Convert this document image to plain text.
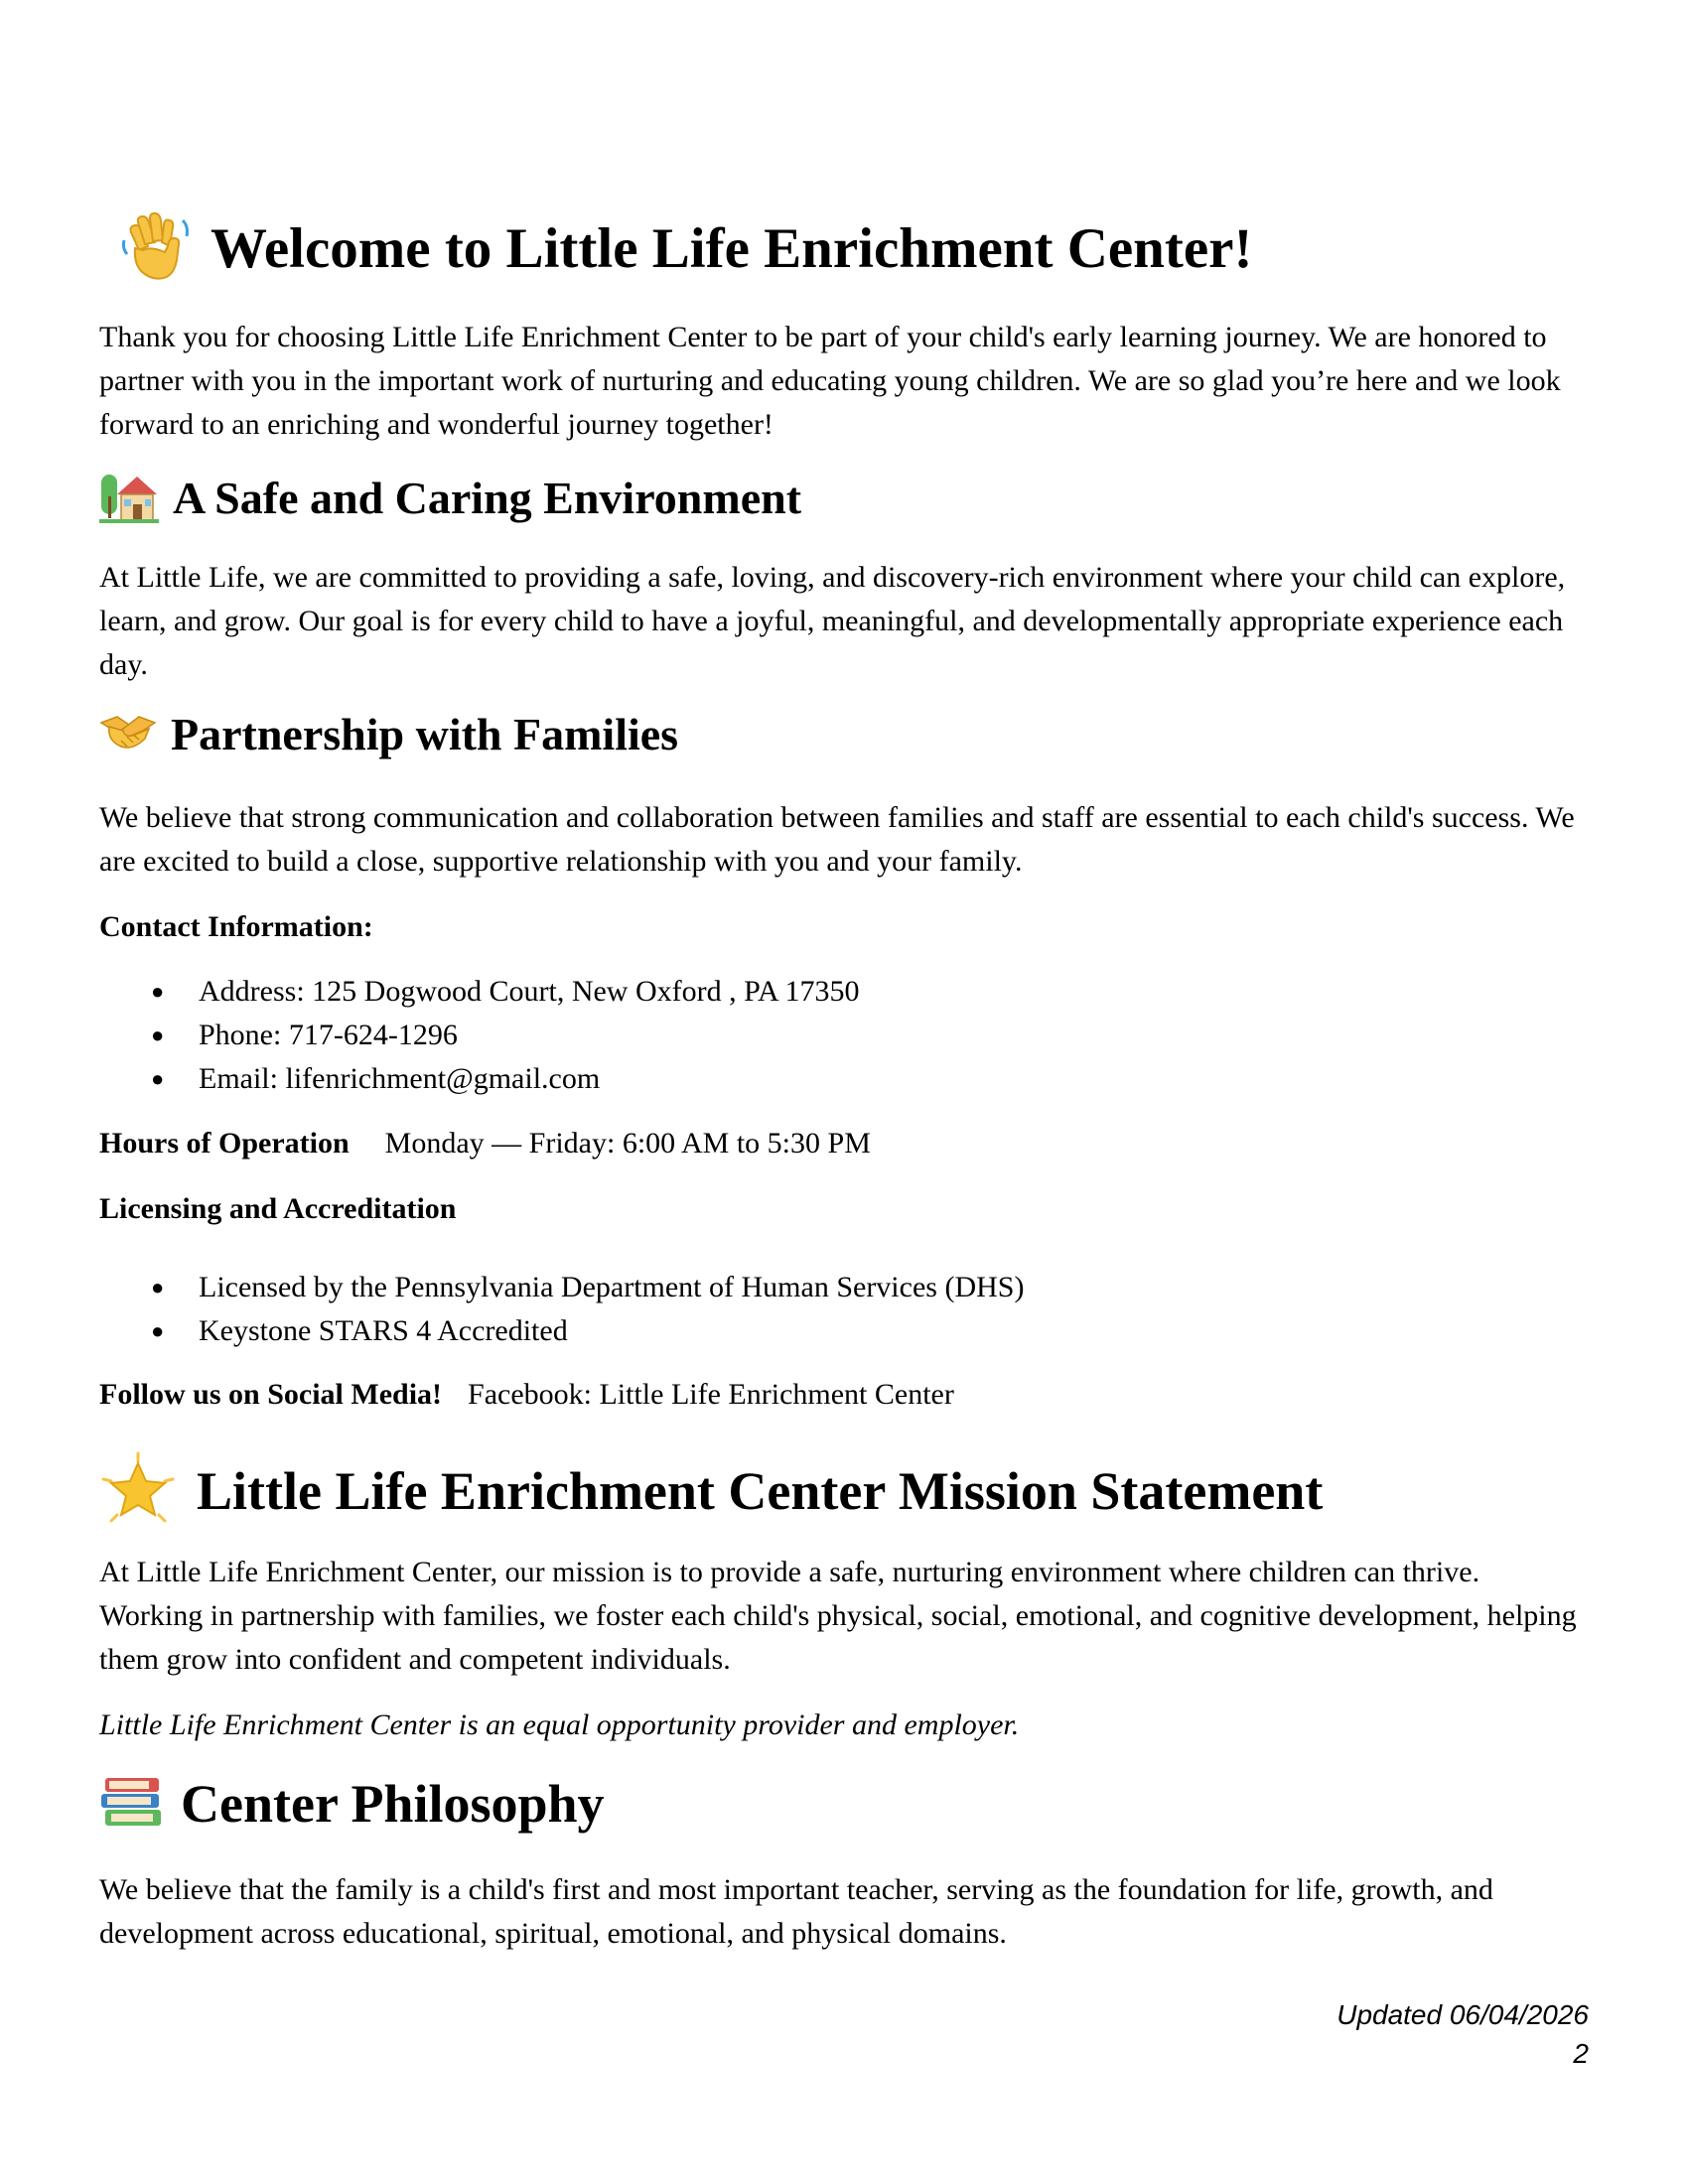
Welcome to Little Life Enrichment Center!

Thank you for choosing Little Life Enrichment Center to be part of your child's early learning journey. We are honored to partner with you in the important work of nurturing and educating young children. We are so glad you’re here and we look forward to an enriching and wonderful journey together!

A Safe and Caring Environment

At Little Life, we are committed to providing a safe, loving, and discovery-rich environment where your child can explore, learn, and grow. Our goal is for every child to have a joyful, meaningful, and developmentally appropriate experience each day.

Partnership with Families

We believe that strong communication and collaboration between families and staff are essential to each child's success. We are excited to build a close, supportive relationship with you and your family.

Contact Information:
● Address: 125 Dogwood Court, New Oxford , PA 17350
● Phone: 717-624-1296
● Email: lifenrichment@gmail.com
Hours of Operation Monday — Friday: 6:00 AM to 5:30 PM
Licensing and Accreditation
● Licensed by the Pennsylvania Department of Human Services (DHS)
● Keystone STARS 4 Accredited
Follow us on Social Media! Facebook: Little Life Enrichment Center
Little Life Enrichment Center Mission Statement

At Little Life Enrichment Center, our mission is to provide a safe, nurturing environment where children can thrive. Working in partnership with families, we foster each child's physical, social, emotional, and cognitive development, helping them grow into confident and competent individuals.

Little Life Enrichment Center is an equal opportunity provider and employer.

Center Philosophy

We believe that the family is a child's first and most important teacher, serving as the foundation for life, growth, and development across educational, spiritual, emotional, and physical domains.

Updated 06/04/2026
2
